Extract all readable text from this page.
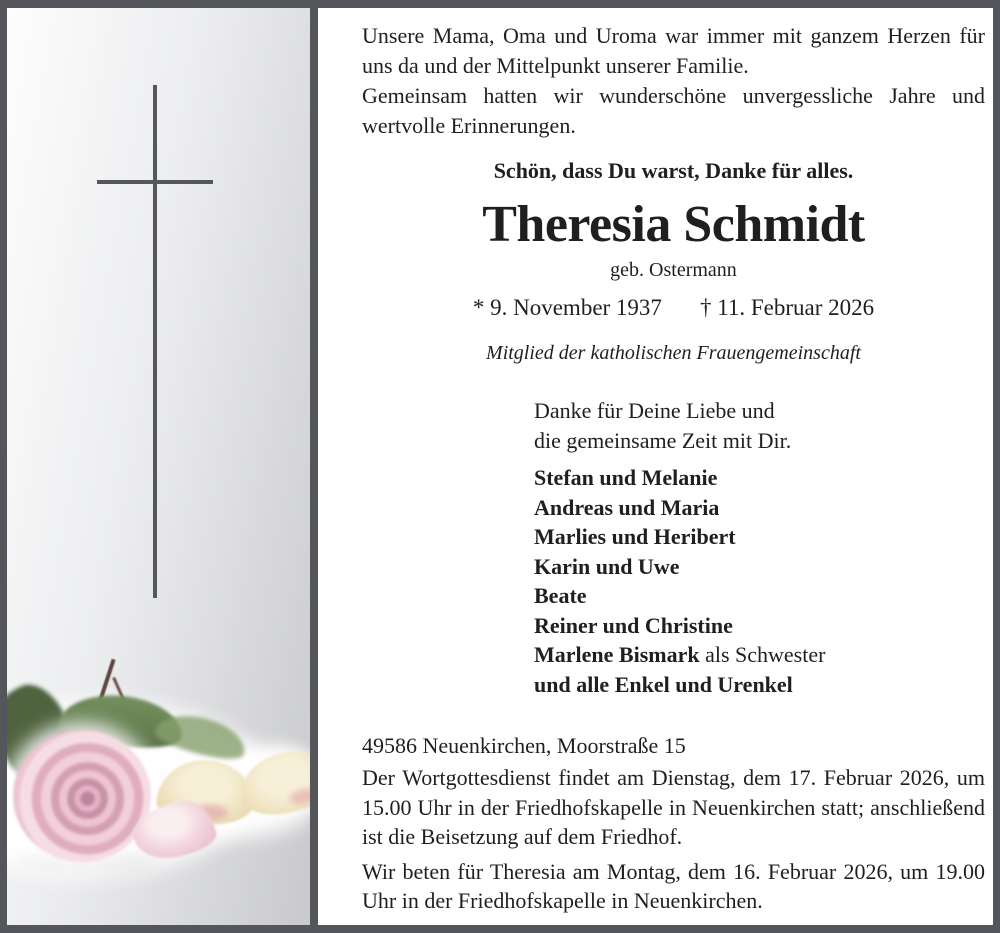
Unsere Mama, Oma und Uroma war immer mit ganzem Herzen für uns da und der Mittelpunkt unserer Familie.

Gemeinsam hatten wir wunderschöne unvergessliche Jahre und wertvolle Erinnerungen.

Schön, dass Du warst, Danke für alles.

Theresia Schmidt
geb. Ostermann
* 9. November 1937 † 11. Februar 2026
Mitglied der katholischen Frauengemeinschaft
Danke für Deine Liebe und
die gemeinsame Zeit mit Dir.
Stefan und Melanie
Andreas und Maria
Marlies und Heribert
Karin und Uwe
Beate
Reiner und Christine
Marlene Bismark als Schwester
und alle Enkel und Urenkel
49586 Neuenkirchen, Moorstraße 15

Der Wortgottesdienst findet am Dienstag, dem 17. Februar 2026, um 15.00 Uhr in der Friedhofskapelle in Neuenkirchen statt; anschließend ist die Beisetzung auf dem Friedhof.

Wir beten für Theresia am Montag, dem 16. Februar 2026, um 19.00 Uhr in der Friedhofskapelle in Neuenkirchen.
